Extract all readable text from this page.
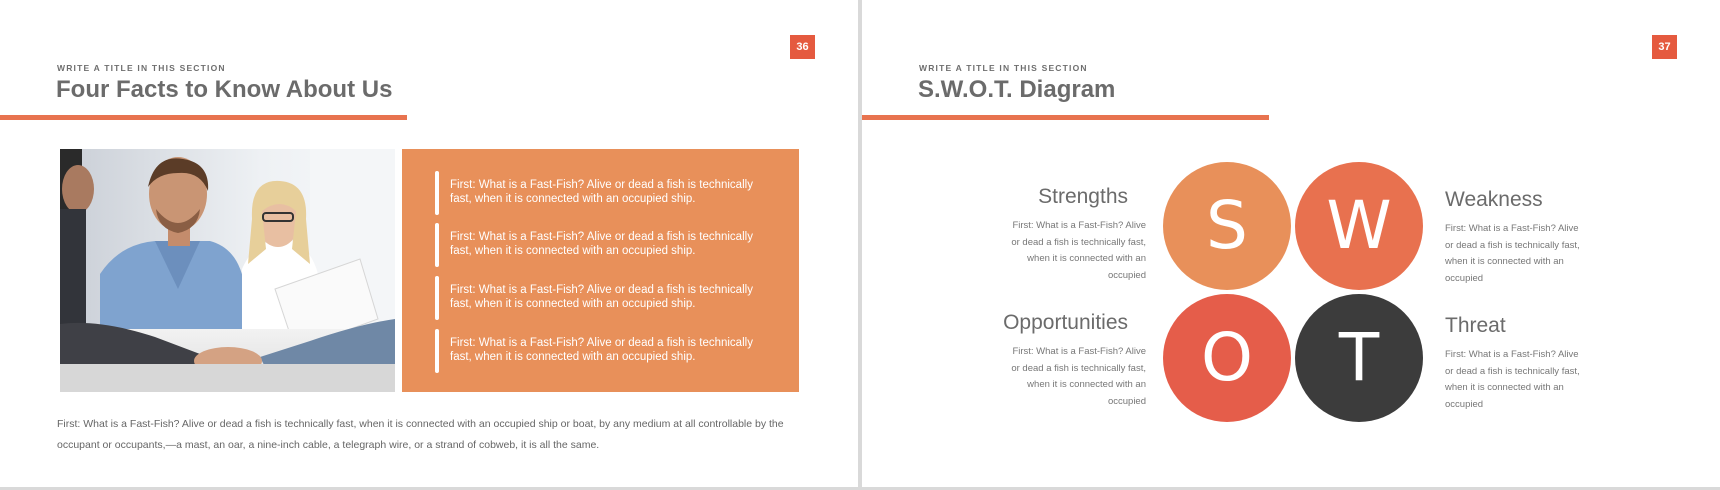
36
WRITE A TITLE IN THIS SECTION
Four Facts to Know About Us
First: What is a Fast-Fish? Alive or dead a fish is technically fast, when it is connected with an occupied ship.
First: What is a Fast-Fish? Alive or dead a fish is technically fast, when it is connected with an occupied ship.
First: What is a Fast-Fish? Alive or dead a fish is technically fast, when it is connected with an occupied ship.
First: What is a Fast-Fish? Alive or dead a fish is technically fast, when it is connected with an occupied ship.
First: What is a Fast-Fish? Alive or dead a fish is technically fast, when it is connected with an occupied ship or boat, by any medium at all controllable by the occupant or occupants,—a mast, an oar, a nine-inch cable, a telegraph wire, or a strand of cobweb, it is all the same.
37
WRITE A TITLE IN THIS SECTION
S.W.O.T. Diagram
S	W
O	T
Strengths
First: What is a Fast-Fish? Alive or dead a fish is technically fast, when it is connected with an occupied
Opportunities
First: What is a Fast-Fish? Alive or dead a fish is technically fast, when it is connected with an occupied
Weakness
First: What is a Fast-Fish? Alive or dead a fish is technically fast, when it is connected with an occupied
Threat
First: What is a Fast-Fish? Alive or dead a fish is technically fast, when it is connected with an occupied
